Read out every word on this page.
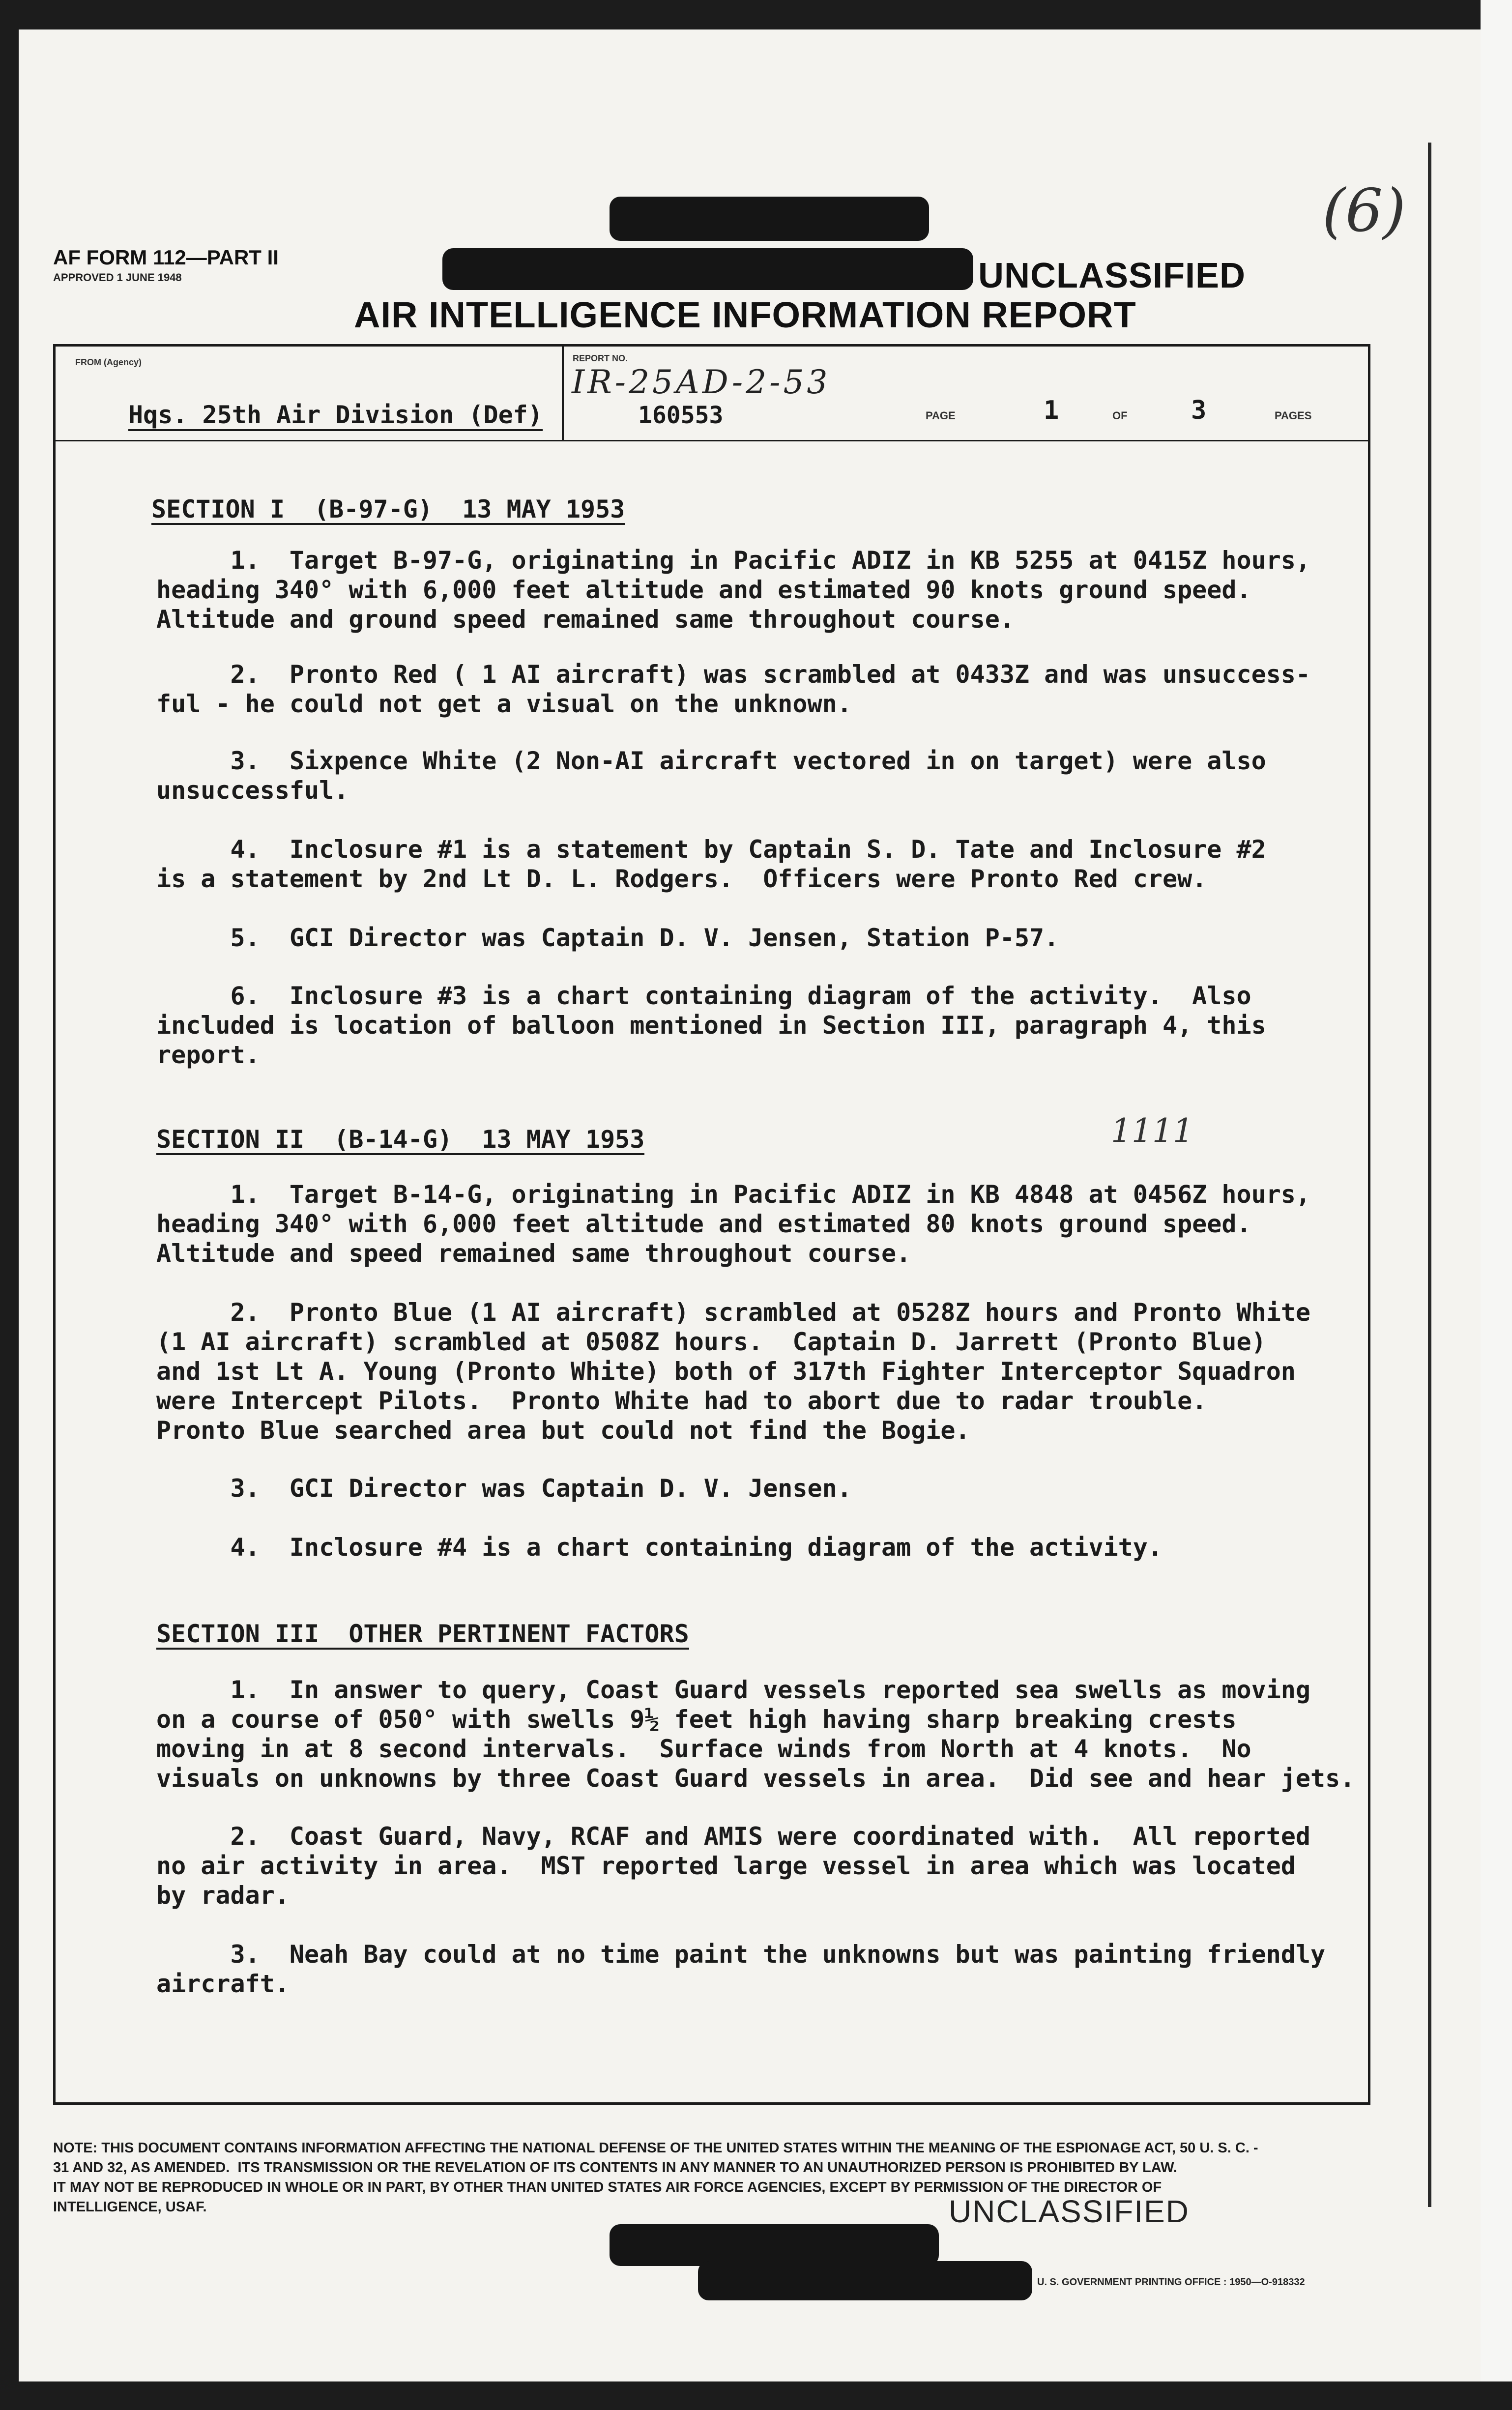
AF FORM 112—PART II
APPROVED 1 JUNE 1948	UNCLASSIFIED
AIR INTELLIGENCE INFORMATION REPORT
(6)
FROM (Agency)
Hqs. 25th Air Division (Def)
REPORT NO.
IR-25AD-2-53
160553	PAGE	1	OF 3	PAGES
SECTION I  (B-97-G)  13 MAY 1953
1.  Target B-97-G, originating in Pacific ADIZ in KB 5255 at 0415Z hours,
heading 340° with 6,000 feet altitude and estimated 90 knots ground speed.
Altitude and ground speed remained same throughout course.
2.  Pronto Red ( 1 AI aircraft) was scrambled at 0433Z and was unsuccess-
ful - he could not get a visual on the unknown.
3.  Sixpence White (2 Non-AI aircraft vectored in on target) were also
unsuccessful.
4.  Inclosure #1 is a statement by Captain S. D. Tate and Inclosure #2
is a statement by 2nd Lt D. L. Rodgers.  Officers were Pronto Red crew.
5.  GCI Director was Captain D. V. Jensen, Station P-57.
6.  Inclosure #3 is a chart containing diagram of the activity.  Also
included is location of balloon mentioned in Section III, paragraph 4, this
report.
SECTION II  (B-14-G)  13 MAY 1953	1111
1.  Target B-14-G, originating in Pacific ADIZ in KB 4848 at 0456Z hours,
heading 340° with 6,000 feet altitude and estimated 80 knots ground speed.
Altitude and speed remained same throughout course.
2.  Pronto Blue (1 AI aircraft) scrambled at 0528Z hours and Pronto White
(1 AI aircraft) scrambled at 0508Z hours.  Captain D. Jarrett (Pronto Blue)
and 1st Lt A. Young (Pronto White) both of 317th Fighter Interceptor Squadron
were Intercept Pilots.  Pronto White had to abort due to radar trouble.
Pronto Blue searched area but could not find the Bogie.
3.  GCI Director was Captain D. V. Jensen.
4.  Inclosure #4 is a chart containing diagram of the activity.
SECTION III  OTHER PERTINENT FACTORS
1.  In answer to query, Coast Guard vessels reported sea swells as moving
on a course of 050° with swells 9½ feet high having sharp breaking crests
moving in at 8 second intervals.  Surface winds from North at 4 knots.  No
visuals on unknowns by three Coast Guard vessels in area.  Did see and hear jets.
2.  Coast Guard, Navy, RCAF and AMIS were coordinated with.  All reported
no air activity in area.  MST reported large vessel in area which was located
by radar.
3.  Neah Bay could at no time paint the unknowns but was painting friendly
aircraft.
NOTE: THIS DOCUMENT CONTAINS INFORMATION AFFECTING THE NATIONAL DEFENSE OF THE UNITED STATES WITHIN THE MEANING OF THE ESPIONAGE ACT, 50 U. S. C. -
31 AND 32, AS AMENDED.  ITS TRANSMISSION OR THE REVELATION OF ITS CONTENTS IN ANY MANNER TO AN UNAUTHORIZED PERSON IS PROHIBITED BY LAW.
IT MAY NOT BE REPRODUCED IN WHOLE OR IN PART, BY OTHER THAN UNITED STATES AIR FORCE AGENCIES, EXCEPT BY PERMISSION OF THE DIRECTOR OF
INTELLIGENCE, USAF.	UNCLASSIFIED
U. S. GOVERNMENT PRINTING OFFICE : 1950—O-918332
